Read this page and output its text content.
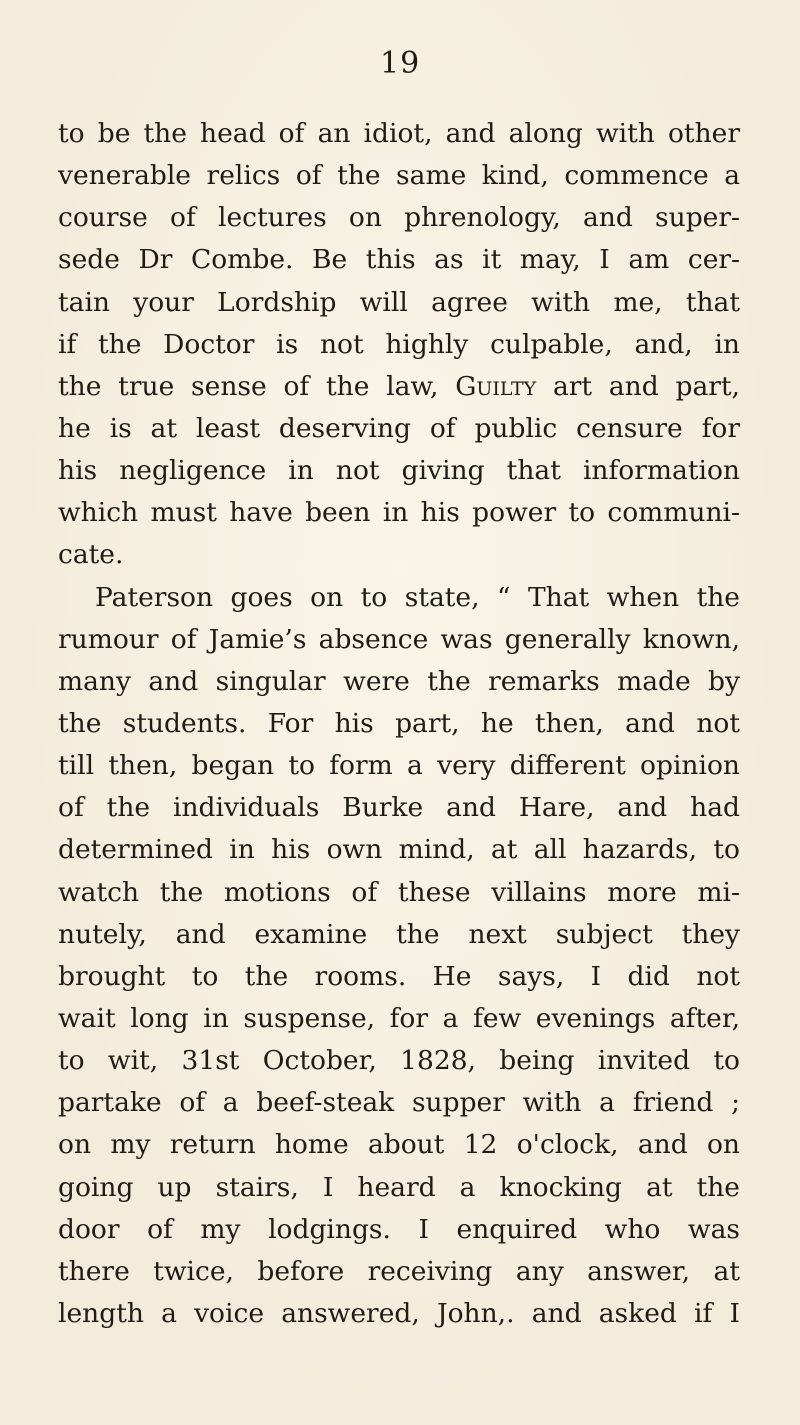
19
to be the head of an idiot, and along with other
venerable relics of the same kind, commence a
course of lectures on phrenology, and super-
sede Dr Combe. Be this as it may, I am cer-
tain your Lordship will agree with me, that
if the Doctor is not highly culpable, and, in
the true sense of the law, Guilty art and part,
he is at least deserving of public censure for
his negligence in not giving that information
which must have been in his power to communi-
cate.
Paterson goes on to state, “ That when the
rumour of Jamie’s absence was generally known,
many and singular were the remarks made by
the students. For his part, he then, and not
till then, began to form a very different opinion
of the individuals Burke and Hare, and had
determined in his own mind, at all hazards, to
watch the motions of these villains more mi-
nutely, and examine the next subject they
brought to the rooms. He says, I did not
wait long in suspense, for a few evenings after,
to wit, 31st October, 1828, being invited to
partake of a beef-steak supper with a friend ;
on my return home about 12 o'clock, and on
going up stairs, I heard a knocking at the
door of my lodgings. I enquired who was
there twice, before receiving any answer, at
length a voice answered, John,. and asked if I
